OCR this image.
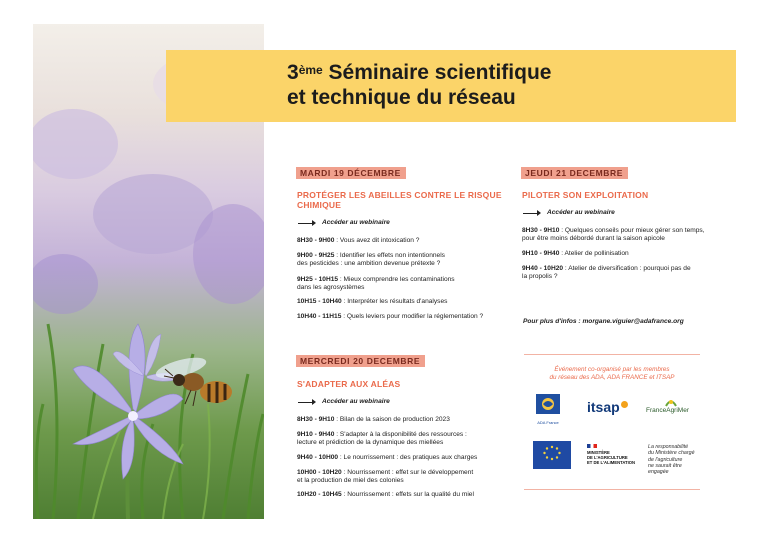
3ème Séminaire scientifique
et technique du réseau
MARDI 19 DÉCEMBRE
PROTÉGER LES ABEILLES CONTRE LE RISQUE
CHIMIQUE
Accéder au webinaire
8H30 - 9H00 : Vous avez dit intoxication ?
9H00 - 9H25 : Identifier les effets non intentionnels
des pesticides : une ambition devenue prétexte ?
9H25 - 10H15 : Mieux comprendre les contaminations
dans les agrosystèmes
10H15 - 10H40 : Interpréter les résultats d'analyses
10H40 - 11H15 : Quels leviers pour modifier la réglementation ?
MERCREDI 20 DECEMBRE
S'ADAPTER AUX ALÉAS
Accéder au webinaire
8H30 - 9H10 : Bilan de la saison de production 2023
9H10 - 9H40 : S'adapter à la disponibilité des ressources :
lecture et prédiction de la dynamique des miellées
9H40 - 10H00 : Le nourrissement : des pratiques aux charges
10H00 - 10H20 : Nourrissement : effet sur le développement
et la production de miel des colonies
10H20 - 10H45 : Nourrissement : effets sur la qualité du miel
JEUDI 21 DECEMBRE
PILOTER SON EXPLOITATION
Accéder au webinaire
8H30 - 9H10 : Quelques conseils pour mieux gérer son temps,
pour être moins débordé durant la saison apicole
9H10 - 9H40 : Atelier de pollinisation
9H40 - 10H20 : Atelier de diversification : pourquoi pas de
la propolis ?
Pour plus d'infos : morgane.viguier@adafrance.org
Événement co-organisé par les membres
du réseau des ADA, ADA FRANCE et ITSAP
ADA France
itsap	FranceAgriMer
MINISTÈRE
DE L'AGRICULTURE
ET DE L'ALIMENTATION
La responsabilité
du Ministère chargé
de l'agriculture
ne saurait être
engagée
